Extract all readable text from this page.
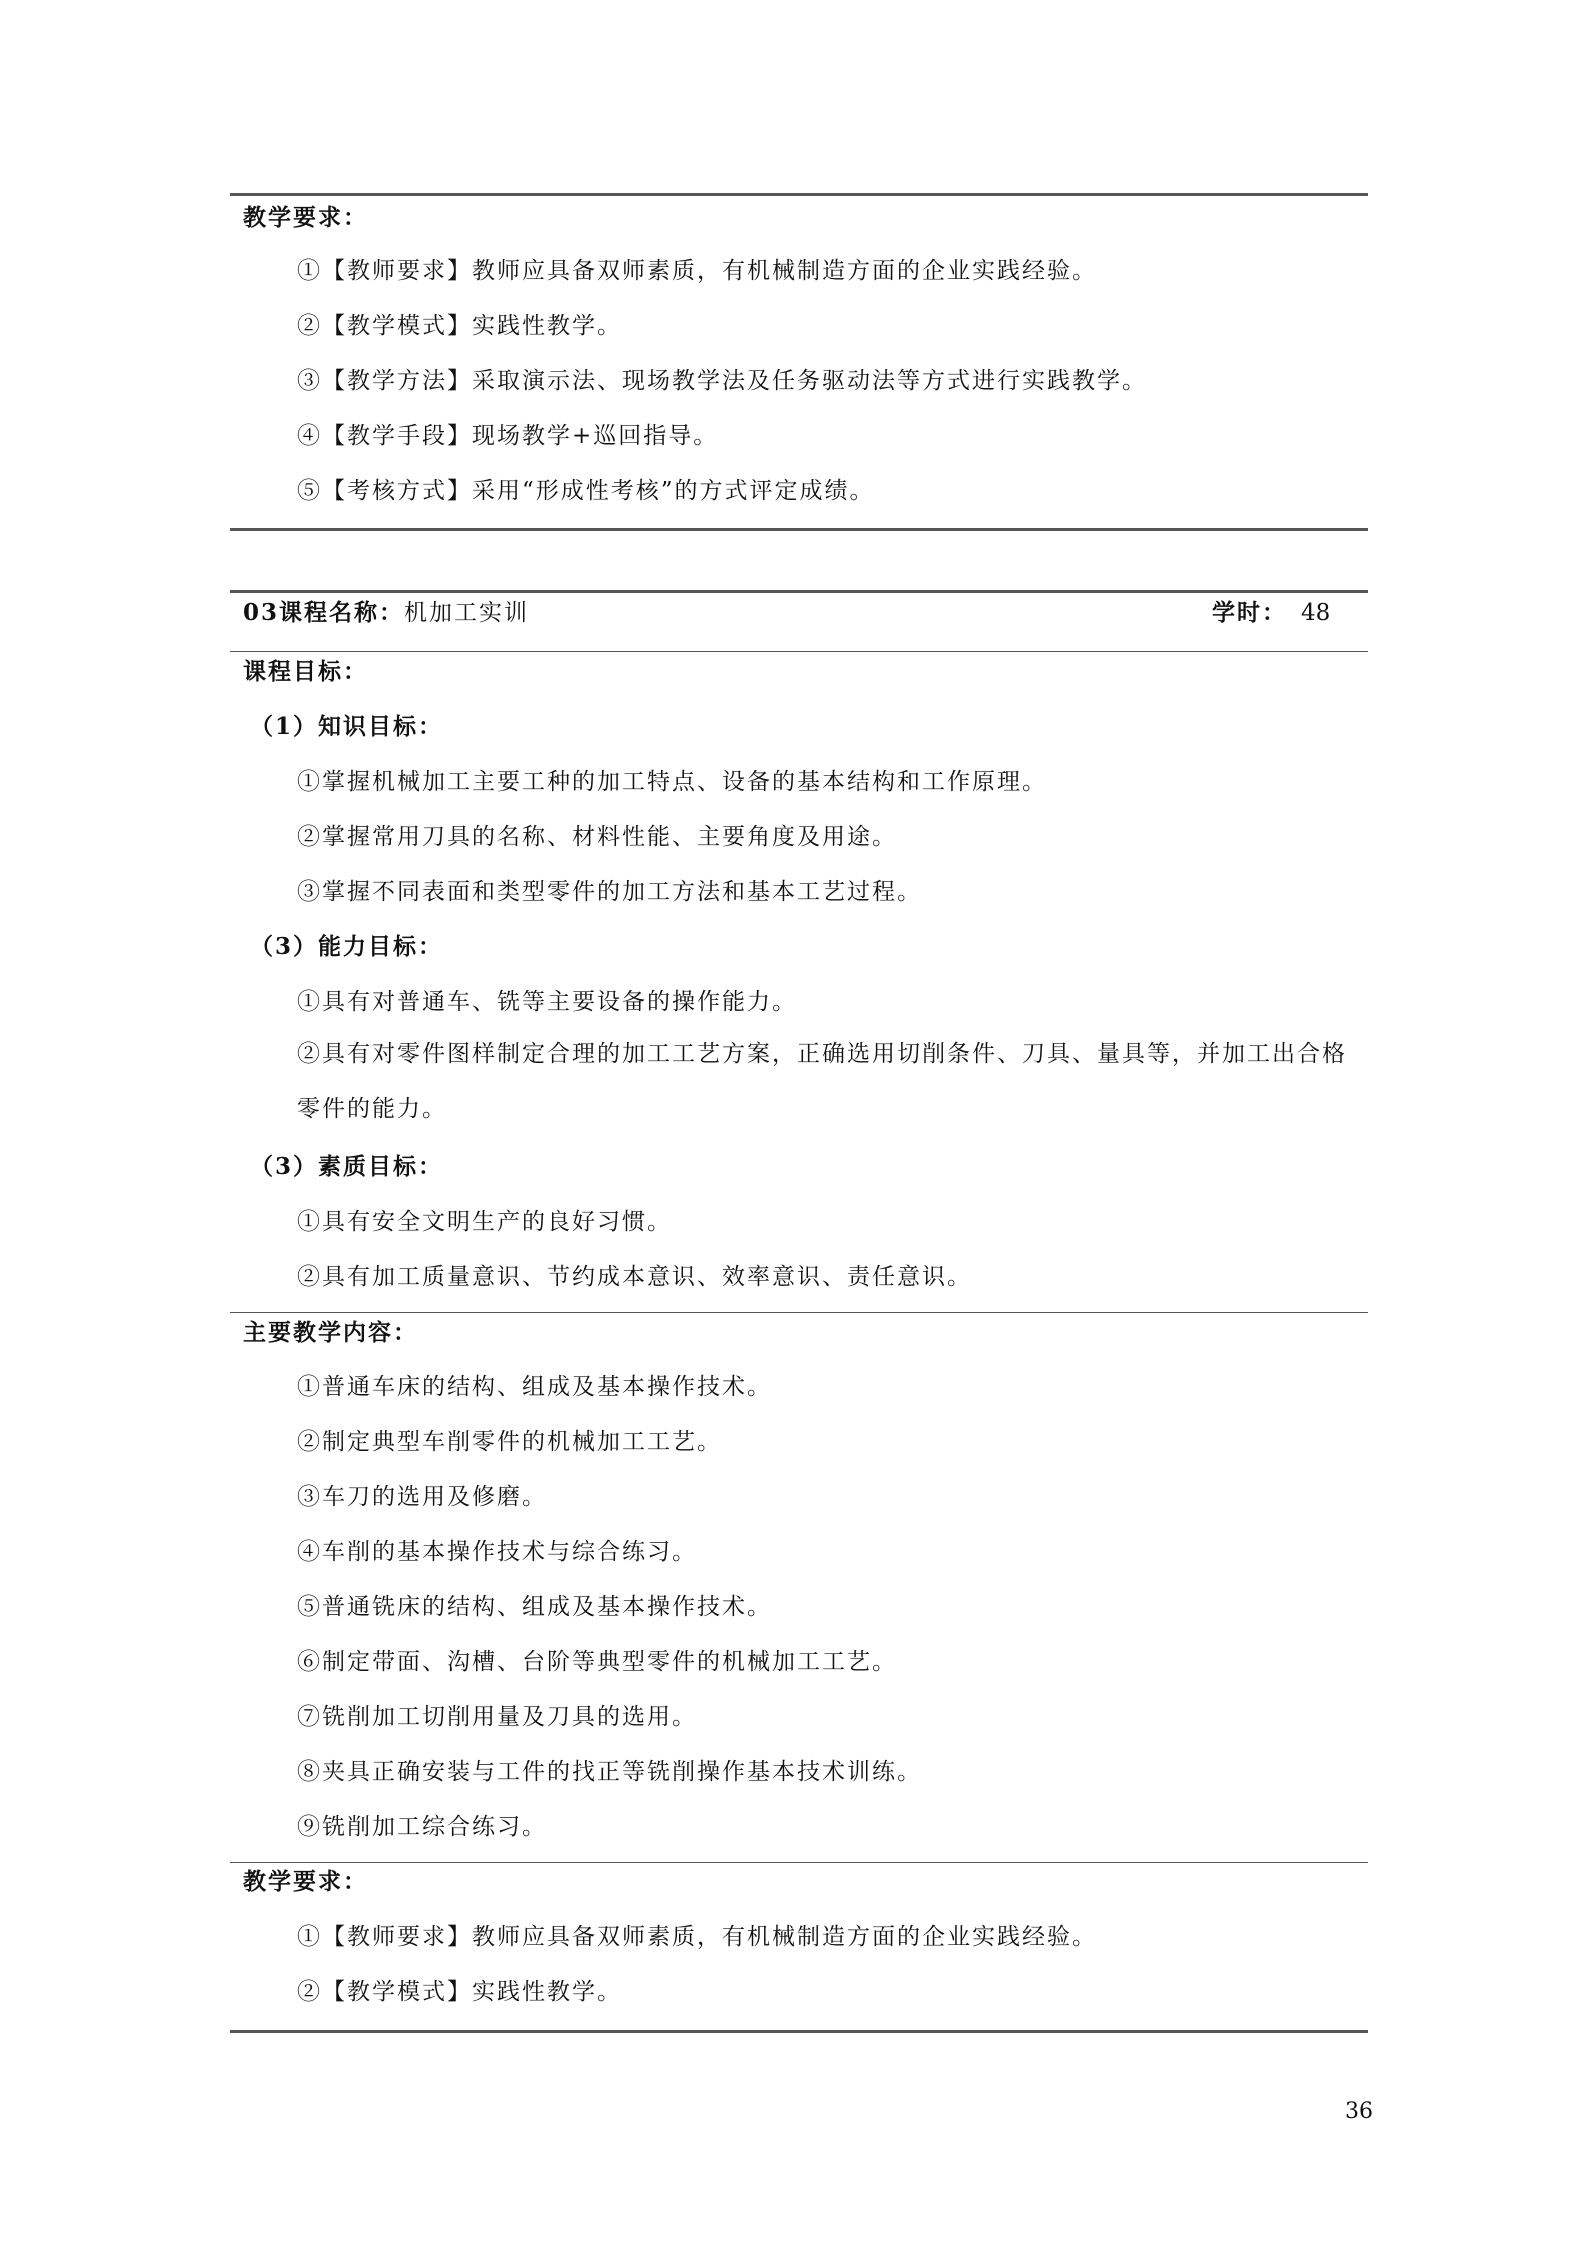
教学要求：
①【教师要求】教师应具备双师素质，有机械制造方面的企业实践经验。
②【教学模式】实践性教学。
③【教学方法】采取演示法、现场教学法及任务驱动法等方式进行实践教学。
④【教学手段】现场教学+巡回指导。
⑤【考核方式】采用“形成性考核”的方式评定成绩。
03课程名称：机加工实训	学时： 48
课程目标：
（1）知识目标：
①掌握机械加工主要工种的加工特点、设备的基本结构和工作原理。
②掌握常用刀具的名称、材料性能、主要角度及用途。
③掌握不同表面和类型零件的加工方法和基本工艺过程。
（3）能力目标：
①具有对普通车、铣等主要设备的操作能力。
②具有对零件图样制定合理的加工工艺方案，正确选用切削条件、刀具、量具等，并加工出合格零件的能力。
（3）素质目标：
①具有安全文明生产的良好习惯。
②具有加工质量意识、节约成本意识、效率意识、责任意识。
主要教学内容：
①普通车床的结构、组成及基本操作技术。
②制定典型车削零件的机械加工工艺。
③车刀的选用及修磨。
④车削的基本操作技术与综合练习。
⑤普通铣床的结构、组成及基本操作技术。
⑥制定带面、沟槽、台阶等典型零件的机械加工工艺。
⑦铣削加工切削用量及刀具的选用。
⑧夹具正确安装与工件的找正等铣削操作基本技术训练。
⑨铣削加工综合练习。
教学要求：
①【教师要求】教师应具备双师素质，有机械制造方面的企业实践经验。
②【教学模式】实践性教学。
36
